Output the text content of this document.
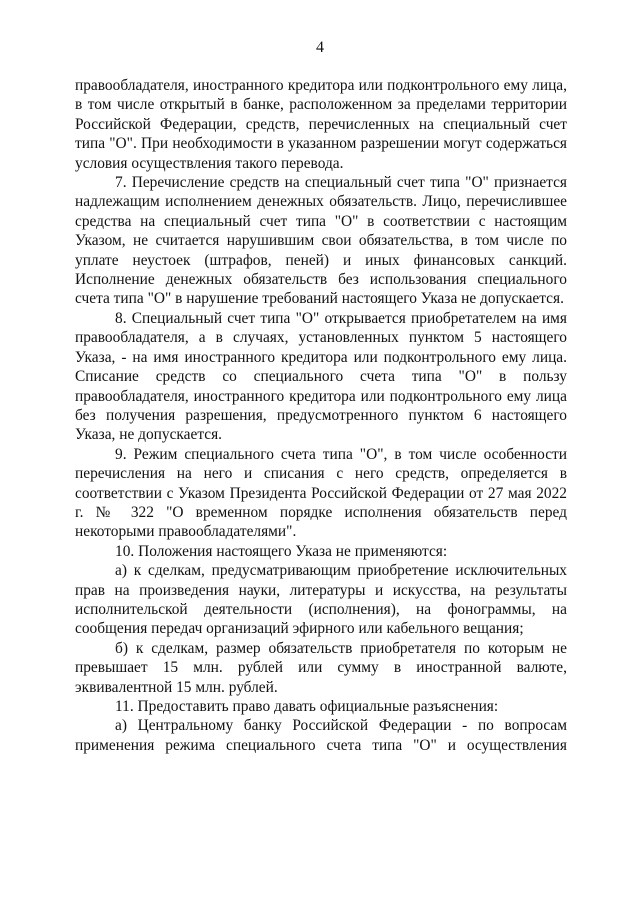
4

правообладателя, иностранного кредитора или подконтрольного ему лица, в том числе открытый в банке, расположенном за пределами территории Российской Федерации, средств, перечисленных на специальный счет типа "О". При необходимости в указанном разрешении могут содержаться условия осуществления такого перевода.

7. Перечисление средств на специальный счет типа "О" признается надлежащим исполнением денежных обязательств. Лицо, перечислившее средства на специальный счет типа "О" в соответствии с настоящим Указом, не считается нарушившим свои обязательства, в том числе по уплате неустоек (штрафов, пеней) и иных финансовых санкций. Исполнение денежных обязательств без использования специального счета типа "О" в нарушение требований настоящего Указа не допускается.

8. Специальный счет типа "О" открывается приобретателем на имя правообладателя, а в случаях, установленных пунктом 5 настоящего Указа, - на имя иностранного кредитора или подконтрольного ему лица. Списание средств со специального счета типа "О" в пользу правообладателя, иностранного кредитора или подконтрольного ему лица без получения разрешения, предусмотренного пунктом 6 настоящего Указа, не допускается.

9. Режим специального счета типа "О", в том числе особенности перечисления на него и списания с него средств, определяется в соответствии с Указом Президента Российской Федерации от 27 мая 2022 г. № 322 "О временном порядке исполнения обязательств перед некоторыми правообладателями".

10. Положения настоящего Указа не применяются:

а) к сделкам, предусматривающим приобретение исключительных прав на произведения науки, литературы и искусства, на результаты исполнительской деятельности (исполнения), на фонограммы, на сообщения передач организаций эфирного или кабельного вещания;

б) к сделкам, размер обязательств приобретателя по которым не превышает 15 млн. рублей или сумму в иностранной валюте, эквивалентной 15 млн. рублей.

11. Предоставить право давать официальные разъяснения:

а) Центральному банку Российской Федерации - по вопросам применения режима специального счета типа "О" и осуществления
